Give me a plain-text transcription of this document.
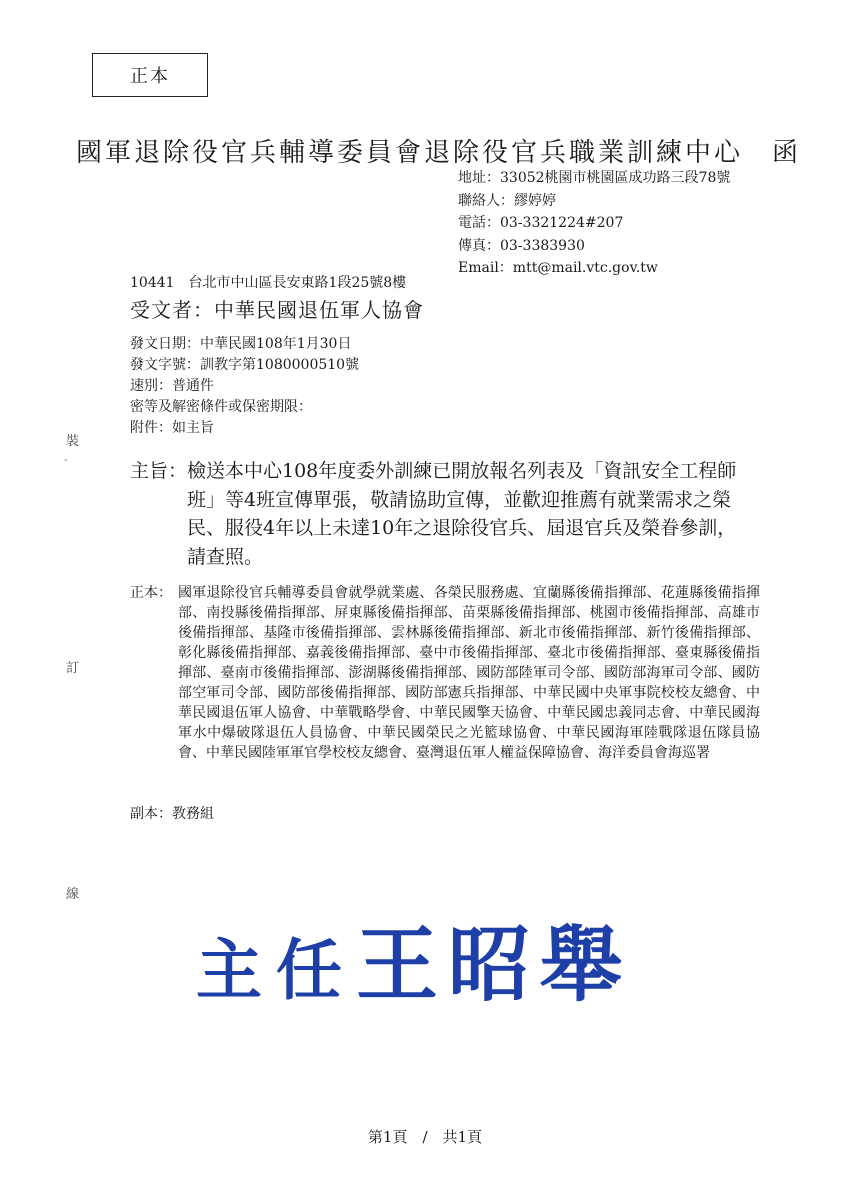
正本
國軍退除役官兵輔導委員會退除役官兵職業訓練中心　函
地址：33052桃園市桃園區成功路三段78號
聯絡人：繆婷婷
電話：03-3321224#207
傳真：03-3383930
Email：mtt@mail.vtc.gov.tw
10441　台北市中山區長安東路1段25號8樓
受文者：中華民國退伍軍人協會
發文日期：中華民國108年1月30日
發文字號：訓教字第1080000510號
速別：普通件
密等及解密條件或保密期限：
附件：如主旨
裝
-
訂
線
主旨： 檢送本中心108年度委外訓練已開放報名列表及「資訊安全工程師班」等4班宣傳單張，敬請協助宣傳，並歡迎推薦有就業需求之榮民、服役4年以上未達10年之退除役官兵、屆退官兵及榮眷參訓，請查照。
正本： 國軍退除役官兵輔導委員會就學就業處、各榮民服務處、宜蘭縣後備指揮部、花蓮縣後備指揮部、南投縣後備指揮部、屏東縣後備指揮部、苗栗縣後備指揮部、桃園市後備指揮部、高雄市後備指揮部、基隆市後備指揮部、雲林縣後備指揮部、新北市後備指揮部、新竹後備指揮部、彰化縣後備指揮部、嘉義後備指揮部、臺中市後備指揮部、臺北市後備指揮部、臺東縣後備指揮部、臺南市後備指揮部、澎湖縣後備指揮部、國防部陸軍司令部、國防部海軍司令部、國防部空軍司令部、國防部後備指揮部、國防部憲兵指揮部、中華民國中央軍事院校校友總會、中華民國退伍軍人協會、中華戰略學會、中華民國擎天協會、中華民國忠義同志會、中華民國海軍水中爆破隊退伍人員協會、中華民國榮民之光籃球協會、中華民國海軍陸戰隊退伍隊員協會、中華民國陸軍軍官學校校友總會、臺灣退伍軍人權益保障協會、海洋委員會海巡署
副本：教務組
主任王昭舉
第1頁　/　共1頁
